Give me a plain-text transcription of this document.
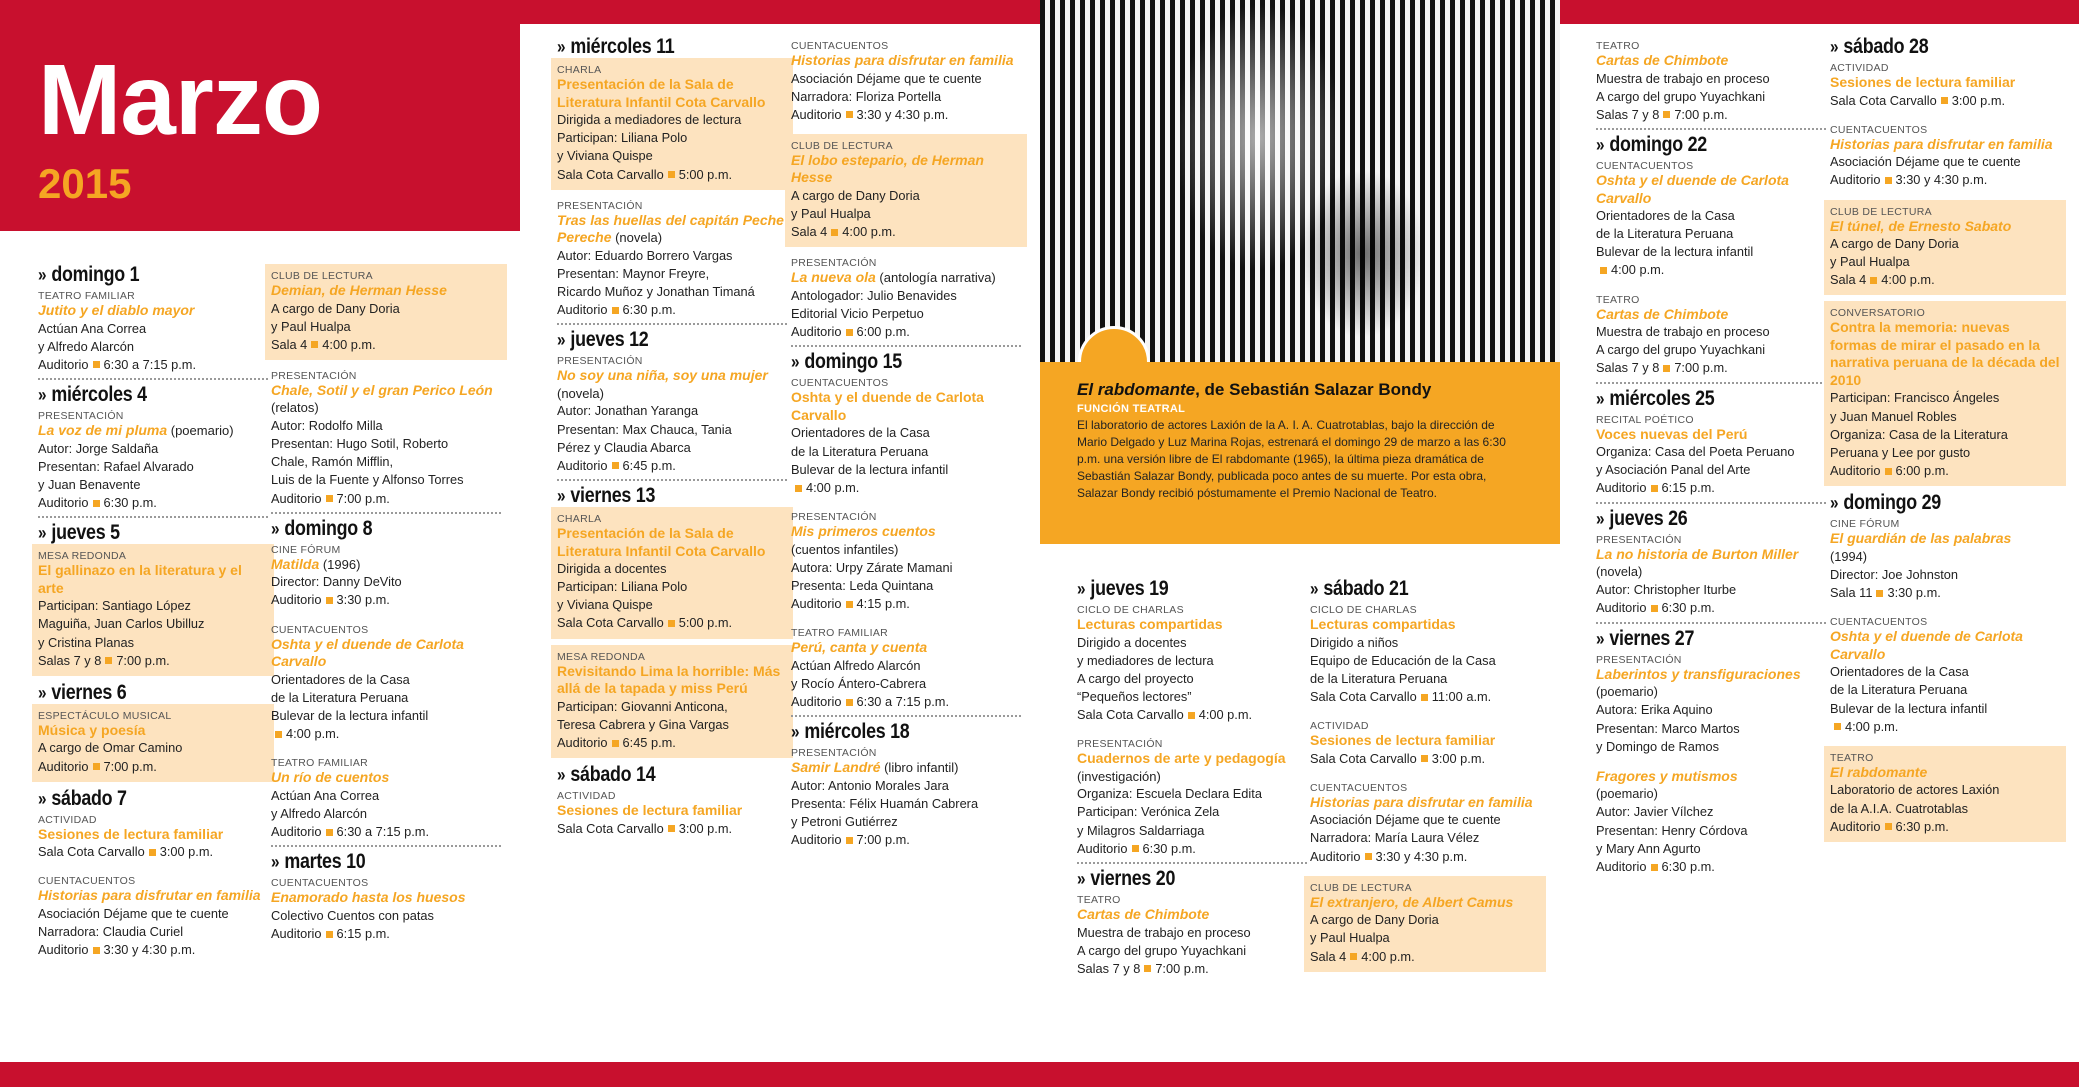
Marzo
2015
El rabdomante, de Sebastián Salazar Bondy
FUNCIÓN TEATRAL
El laboratorio de actores Laxión de la A. I. A. Cuatrotablas, bajo la dirección de Mario Delgado y Luz Marina Rojas, estrenará el domingo 29 de marzo a las 6:30 p.m. una versión libre de El rabdomante (1965), la última pieza dramática de Sebastián Salazar Bondy, publicada poco antes de su muerte. Por esta obra, Salazar Bondy recibió póstumamente el Premio Nacional de Teatro.
» domingo 1
TEATRO FAMILIAR
Jutito y el diablo mayor
Actúan Ana Correa
y Alfredo Alarcón
Auditorio 6:30 a 7:15 p.m.
» miércoles 4
PRESENTACIÓN
La voz de mi pluma (poemario)
Autor: Jorge Saldaña
Presentan: Rafael Alvarado
y Juan Benavente
Auditorio 6:30 p.m.
» jueves 5
MESA REDONDA
El gallinazo en la literatura y el arte
Participan: Santiago López
Maguiña, Juan Carlos Ubilluz
y Cristina Planas
Salas 7 y 8 7:00 p.m.
» viernes 6
ESPECTÁCULO MUSICAL
Música y poesía
A cargo de Omar Camino
Auditorio 7:00 p.m.
» sábado 7
ACTIVIDAD
Sesiones de lectura familiar
Sala Cota Carvallo 3:00 p.m.
CUENTACUENTOS
Historias para disfrutar en familia
Asociación Déjame que te cuente
Narradora: Claudia Curiel
Auditorio 3:30 y 4:30 p.m.
CLUB DE LECTURA
Demian, de Herman Hesse
A cargo de Dany Doria
y Paul Hualpa
Sala 4 4:00 p.m.
PRESENTACIÓN
Chale, Sotil y el gran Perico León (relatos)
Autor: Rodolfo Milla
Presentan: Hugo Sotil, Roberto
Chale, Ramón Mifflin,
Luis de la Fuente y Alfonso Torres
Auditorio 7:00 p.m.
» domingo 8
CINE FÓRUM
Matilda (1996)
Director: Danny DeVito
Auditorio 3:30 p.m.
CUENTACUENTOS
Oshta y el duende de Carlota Carvallo
Orientadores de la Casa
de la Literatura Peruana
Bulevar de la lectura infantil
4:00 p.m.
TEATRO FAMILIAR
Un río de cuentos
Actúan Ana Correa
y Alfredo Alarcón
Auditorio 6:30 a 7:15 p.m.
» martes 10
CUENTACUENTOS
Enamorado hasta los huesos
Colectivo Cuentos con patas
Auditorio 6:15 p.m.
» miércoles 11
CHARLA
Presentación de la Sala de Literatura Infantil Cota Carvallo
Dirigida a mediadores de lectura
Participan: Liliana Polo
y Viviana Quispe
Sala Cota Carvallo 5:00 p.m.
PRESENTACIÓN
Tras las huellas del capitán Peche Pereche (novela)
Autor: Eduardo Borrero Vargas
Presentan: Maynor Freyre,
Ricardo Muñoz y Jonathan Timaná
Auditorio 6:30 p.m.
» jueves 12
PRESENTACIÓN
No soy una niña, soy una mujer (novela)
Autor: Jonathan Yaranga
Presentan: Max Chauca, Tania
Pérez y Claudia Abarca
Auditorio 6:45 p.m.
» viernes 13
CHARLA
Presentación de la Sala de Literatura Infantil Cota Carvallo
Dirigida a docentes
Participan: Liliana Polo
y Viviana Quispe
Sala Cota Carvallo 5:00 p.m.
MESA REDONDA
Revisitando Lima la horrible: Más allá de la tapada y miss Perú
Participan: Giovanni Anticona,
Teresa Cabrera y Gina Vargas
Auditorio 6:45 p.m.
» sábado 14
ACTIVIDAD
Sesiones de lectura familiar
Sala Cota Carvallo 3:00 p.m.
CUENTACUENTOS
Historias para disfrutar en familia
Asociación Déjame que te cuente
Narradora: Floriza Portella
Auditorio 3:30 y 4:30 p.m.
CLUB DE LECTURA
El lobo estepario, de Herman Hesse
A cargo de Dany Doria
y Paul Hualpa
Sala 4 4:00 p.m.
PRESENTACIÓN
La nueva ola (antología narrativa)
Antologador: Julio Benavides
Editorial Vicio Perpetuo
Auditorio 6:00 p.m.
» domingo 15
CUENTACUENTOS
Oshta y el duende de Carlota Carvallo
Orientadores de la Casa
de la Literatura Peruana
Bulevar de la lectura infantil
4:00 p.m.
PRESENTACIÓN
Mis primeros cuentos
(cuentos infantiles)
Autora: Urpy Zárate Mamani
Presenta: Leda Quintana
Auditorio 4:15 p.m.
TEATRO FAMILIAR
Perú, canta y cuenta
Actúan Alfredo Alarcón
y Rocío Ántero-Cabrera
Auditorio 6:30 a 7:15 p.m.
» miércoles 18
PRESENTACIÓN
Samir Landré (libro infantil)
Autor: Antonio Morales Jara
Presenta: Félix Huamán Cabrera
y Petroni Gutiérrez
Auditorio 7:00 p.m.
» jueves 19
CICLO DE CHARLAS
Lecturas compartidas
Dirigido a docentes
y mediadores de lectura
A cargo del proyecto
“Pequeños lectores”
Sala Cota Carvallo 4:00 p.m.
PRESENTACIÓN
Cuadernos de arte y pedagogía (investigación)
Organiza: Escuela Declara Edita
Participan: Verónica Zela
y Milagros Saldarriaga
Auditorio 6:30 p.m.
» viernes 20
TEATRO
Cartas de Chimbote
Muestra de trabajo en proceso
A cargo del grupo Yuyachkani
Salas 7 y 8 7:00 p.m.
» sábado 21
CICLO DE CHARLAS
Lecturas compartidas
Dirigido a niños
Equipo de Educación de la Casa
de la Literatura Peruana
Sala Cota Carvallo 11:00 a.m.
ACTIVIDAD
Sesiones de lectura familiar
Sala Cota Carvallo 3:00 p.m.
CUENTACUENTOS
Historias para disfrutar en familia
Asociación Déjame que te cuente
Narradora: María Laura Vélez
Auditorio 3:30 y 4:30 p.m.
CLUB DE LECTURA
El extranjero, de Albert Camus
A cargo de Dany Doria
y Paul Hualpa
Sala 4 4:00 p.m.
TEATRO
Cartas de Chimbote
Muestra de trabajo en proceso
A cargo del grupo Yuyachkani
Salas 7 y 8 7:00 p.m.
» domingo 22
CUENTACUENTOS
Oshta y el duende de Carlota Carvallo
Orientadores de la Casa
de la Literatura Peruana
Bulevar de la lectura infantil
4:00 p.m.
TEATRO
Cartas de Chimbote
Muestra de trabajo en proceso
A cargo del grupo Yuyachkani
Salas 7 y 8 7:00 p.m.
» miércoles 25
RECITAL POÉTICO
Voces nuevas del Perú
Organiza: Casa del Poeta Peruano
y Asociación Panal del Arte
Auditorio 6:15 p.m.
» jueves 26
PRESENTACIÓN
La no historia de Burton Miller
(novela)
Autor: Christopher Iturbe
Auditorio 6:30 p.m.
» viernes 27
PRESENTACIÓN
Laberintos y transfiguraciones
(poemario)
Autora: Erika Aquino
Presentan: Marco Martos
y Domingo de Ramos
Fragores y mutismos
(poemario)
Autor: Javier Vílchez
Presentan: Henry Córdova
y Mary Ann Agurto
Auditorio 6:30 p.m.
» sábado 28
ACTIVIDAD
Sesiones de lectura familiar
Sala Cota Carvallo 3:00 p.m.
CUENTACUENTOS
Historias para disfrutar en familia
Asociación Déjame que te cuente
Auditorio 3:30 y 4:30 p.m.
CLUB DE LECTURA
El túnel, de Ernesto Sabato
A cargo de Dany Doria
y Paul Hualpa
Sala 4 4:00 p.m.
CONVERSATORIO
Contra la memoria: nuevas formas de mirar el pasado en la narrativa peruana de la década del 2010
Participan: Francisco Ángeles
y Juan Manuel Robles
Organiza: Casa de la Literatura
Peruana y Lee por gusto
Auditorio 6:00 p.m.
» domingo 29
CINE FÓRUM
El guardián de las palabras
(1994)
Director: Joe Johnston
Sala 11 3:30 p.m.
CUENTACUENTOS
Oshta y el duende de Carlota Carvallo
Orientadores de la Casa
de la Literatura Peruana
Bulevar de la lectura infantil
4:00 p.m.
TEATRO
El rabdomante
Laboratorio de actores Laxión
de la A.I.A. Cuatrotablas
Auditorio 6:30 p.m.
